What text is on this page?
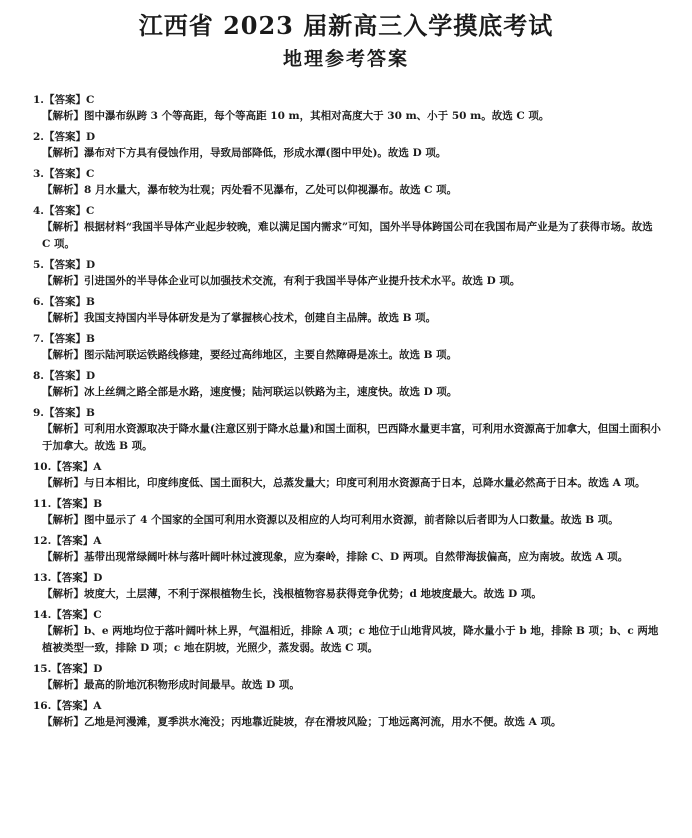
江西省 2023 届新高三入学摸底考试
地理参考答案
1.【答案】C
【解析】图中瀑布纵跨 3 个等高距，每个等高距 10 m，其相对高度大于 30 m、小于 50 m。故选 C 项。
2.【答案】D
【解析】瀑布对下方具有侵蚀作用，导致局部降低，形成水潭(图中甲处)。故选 D 项。
3.【答案】C
【解析】8 月水量大，瀑布较为壮观；丙处看不见瀑布，乙处可以仰视瀑布。故选 C 项。
4.【答案】C
【解析】根据材料“我国半导体产业起步较晚，难以满足国内需求”可知，国外半导体跨国公司在我国布局产业是为了获得市场。故选 C 项。
5.【答案】D
【解析】引进国外的半导体企业可以加强技术交流，有利于我国半导体产业提升技术水平。故选 D 项。
6.【答案】B
【解析】我国支持国内半导体研发是为了掌握核心技术，创建自主品牌。故选 B 项。
7.【答案】B
【解析】图示陆河联运铁路线修建，要经过高纬地区，主要自然障碍是冻土。故选 B 项。
8.【答案】D
【解析】冰上丝绸之路全部是水路，速度慢；陆河联运以铁路为主，速度快。故选 D 项。
9.【答案】B
【解析】可利用水资源取决于降水量(注意区别于降水总量)和国土面积，巴西降水量更丰富，可利用水资源高于加拿大，但国土面积小于加拿大。故选 B 项。
10.【答案】A
【解析】与日本相比，印度纬度低、国土面积大，总蒸发量大；印度可利用水资源高于日本，总降水量必然高于日本。故选 A 项。
11.【答案】B
【解析】图中显示了 4 个国家的全国可利用水资源以及相应的人均可利用水资源，前者除以后者即为人口数量。故选 B 项。
12.【答案】A
【解析】基带出现常绿阔叶林与落叶阔叶林过渡现象，应为秦岭，排除 C、D 两项。自然带海拔偏高，应为南坡。故选 A 项。
13.【答案】D
【解析】坡度大，土层薄，不利于深根植物生长，浅根植物容易获得竞争优势；d 地坡度最大。故选 D 项。
14.【答案】C
【解析】b、e 两地均位于落叶阔叶林上界，气温相近，排除 A 项；c 地位于山地背风坡，降水量小于 b 地，排除 B 项；b、c 两地植被类型一致，排除 D 项；c 地在阴坡，光照少，蒸发弱。故选 C 项。
15.【答案】D
【解析】最高的阶地沉积物形成时间最早。故选 D 项。
16.【答案】A
【解析】乙地是河漫滩，夏季洪水淹没；丙地靠近陡坡，存在滑坡风险；丁地远离河流，用水不便。故选 A 项。
